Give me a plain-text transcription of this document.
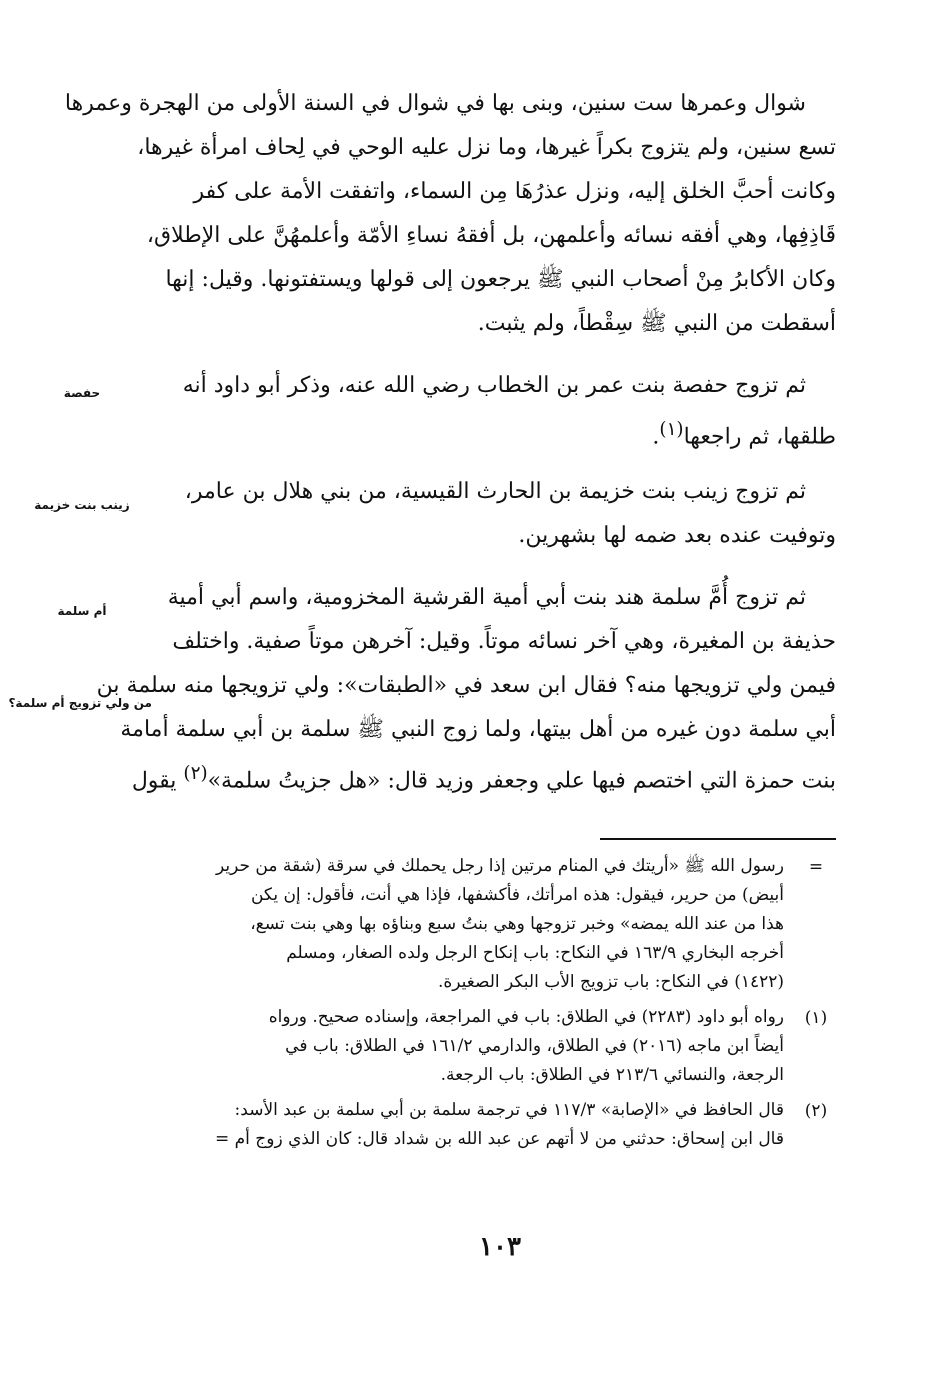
شوال وعمرها ست سنين، وبنى بها في شوال في السنة الأولى من الهجرة وعمرها
تسع سنين، ولم يتزوج بكراً غيرها، وما نزل عليه الوحي في لِحاف امرأة غيرها،
وكانت أحبَّ الخلق إليه، ونزل عذرُهَا مِن السماء، واتفقت الأمة على كفر
قَاذِفِها، وهي أفقه نسائه وأعلمهن، بل أفقهُ نساءِ الأمّة وأعلمهُنَّ على الإطلاق،
وكان الأكابرُ مِنْ أصحاب النبي ﷺ يرجعون إلى قولها ويستفتونها. وقيل: إنها
أسقطت من النبي ﷺ سِقْطاً، ولم يثبت.
ثم تزوج حفصة بنت عمر بن الخطاب رضي الله عنه، وذكر أبو داود أنه
طلقها، ثم راجعها$^{(١)}$.
ثم تزوج زينب بنت خزيمة بن الحارث القيسية، من بني هلال بن عامر،
وتوفيت عنده بعد ضمه لها بشهرين.
ثم تزوج أُمَّ سلمة هند بنت أبي أمية القرشية المخزومية، واسم أبي أمية
حذيفة بن المغيرة، وهي آخر نسائه موتاً. وقيل: آخرهن موتاً صفية. واختلف
فيمن ولي تزويجها منه؟ فقال ابن سعد في «الطبقات»: ولي تزويجها منه سلمة بن
أبي سلمة دون غيره من أهل بيتها، ولما زوج النبي ﷺ سلمة بن أبي سلمة أمامة
بنت حمزة التي اختصم فيها علي وجعفر وزيد قال: «هل جزيتُ سلمة»$^{(٢)}$ يقول
حفصة
زينب بنت خزيمة
أم سلمة
من ولي تزويج أم سلمة؟
=
رسول الله ﷺ «أريتك في المنام مرتين إذا رجل يحملك في سرقة (شقة من حرير
أبيض) من حرير، فيقول: هذه امرأتك، فأكشفها، فإذا هي أنت، فأقول: إن يكن
هذا من عند الله يمضه» وخبر تزوجها وهي بنتُ سبع وبناؤه بها وهي بنت تسع،
أخرجه البخاري ١٦٣/٩ في النكاح: باب إنكاح الرجل ولده الصغار، ومسلم
(١٤٢٢) في النكاح: باب تزويج الأب البكر الصغيرة.
(١)
رواه أبو داود (٢٢٨٣) في الطلاق: باب في المراجعة، وإسناده صحيح. ورواه
أيضاً ابن ماجه (٢٠١٦) في الطلاق، والدارمي ١٦١/٢ في الطلاق: باب في
الرجعة، والنسائي ٢١٣/٦ في الطلاق: باب الرجعة.
(٢)
قال الحافظ في «الإصابة» ١١٧/٣ في ترجمة سلمة بن أبي سلمة بن عبد الأسد:
قال ابن إسحاق: حدثني من لا أتهم عن عبد الله بن شداد قال: كان الذي زوج أم =
١٠٣
